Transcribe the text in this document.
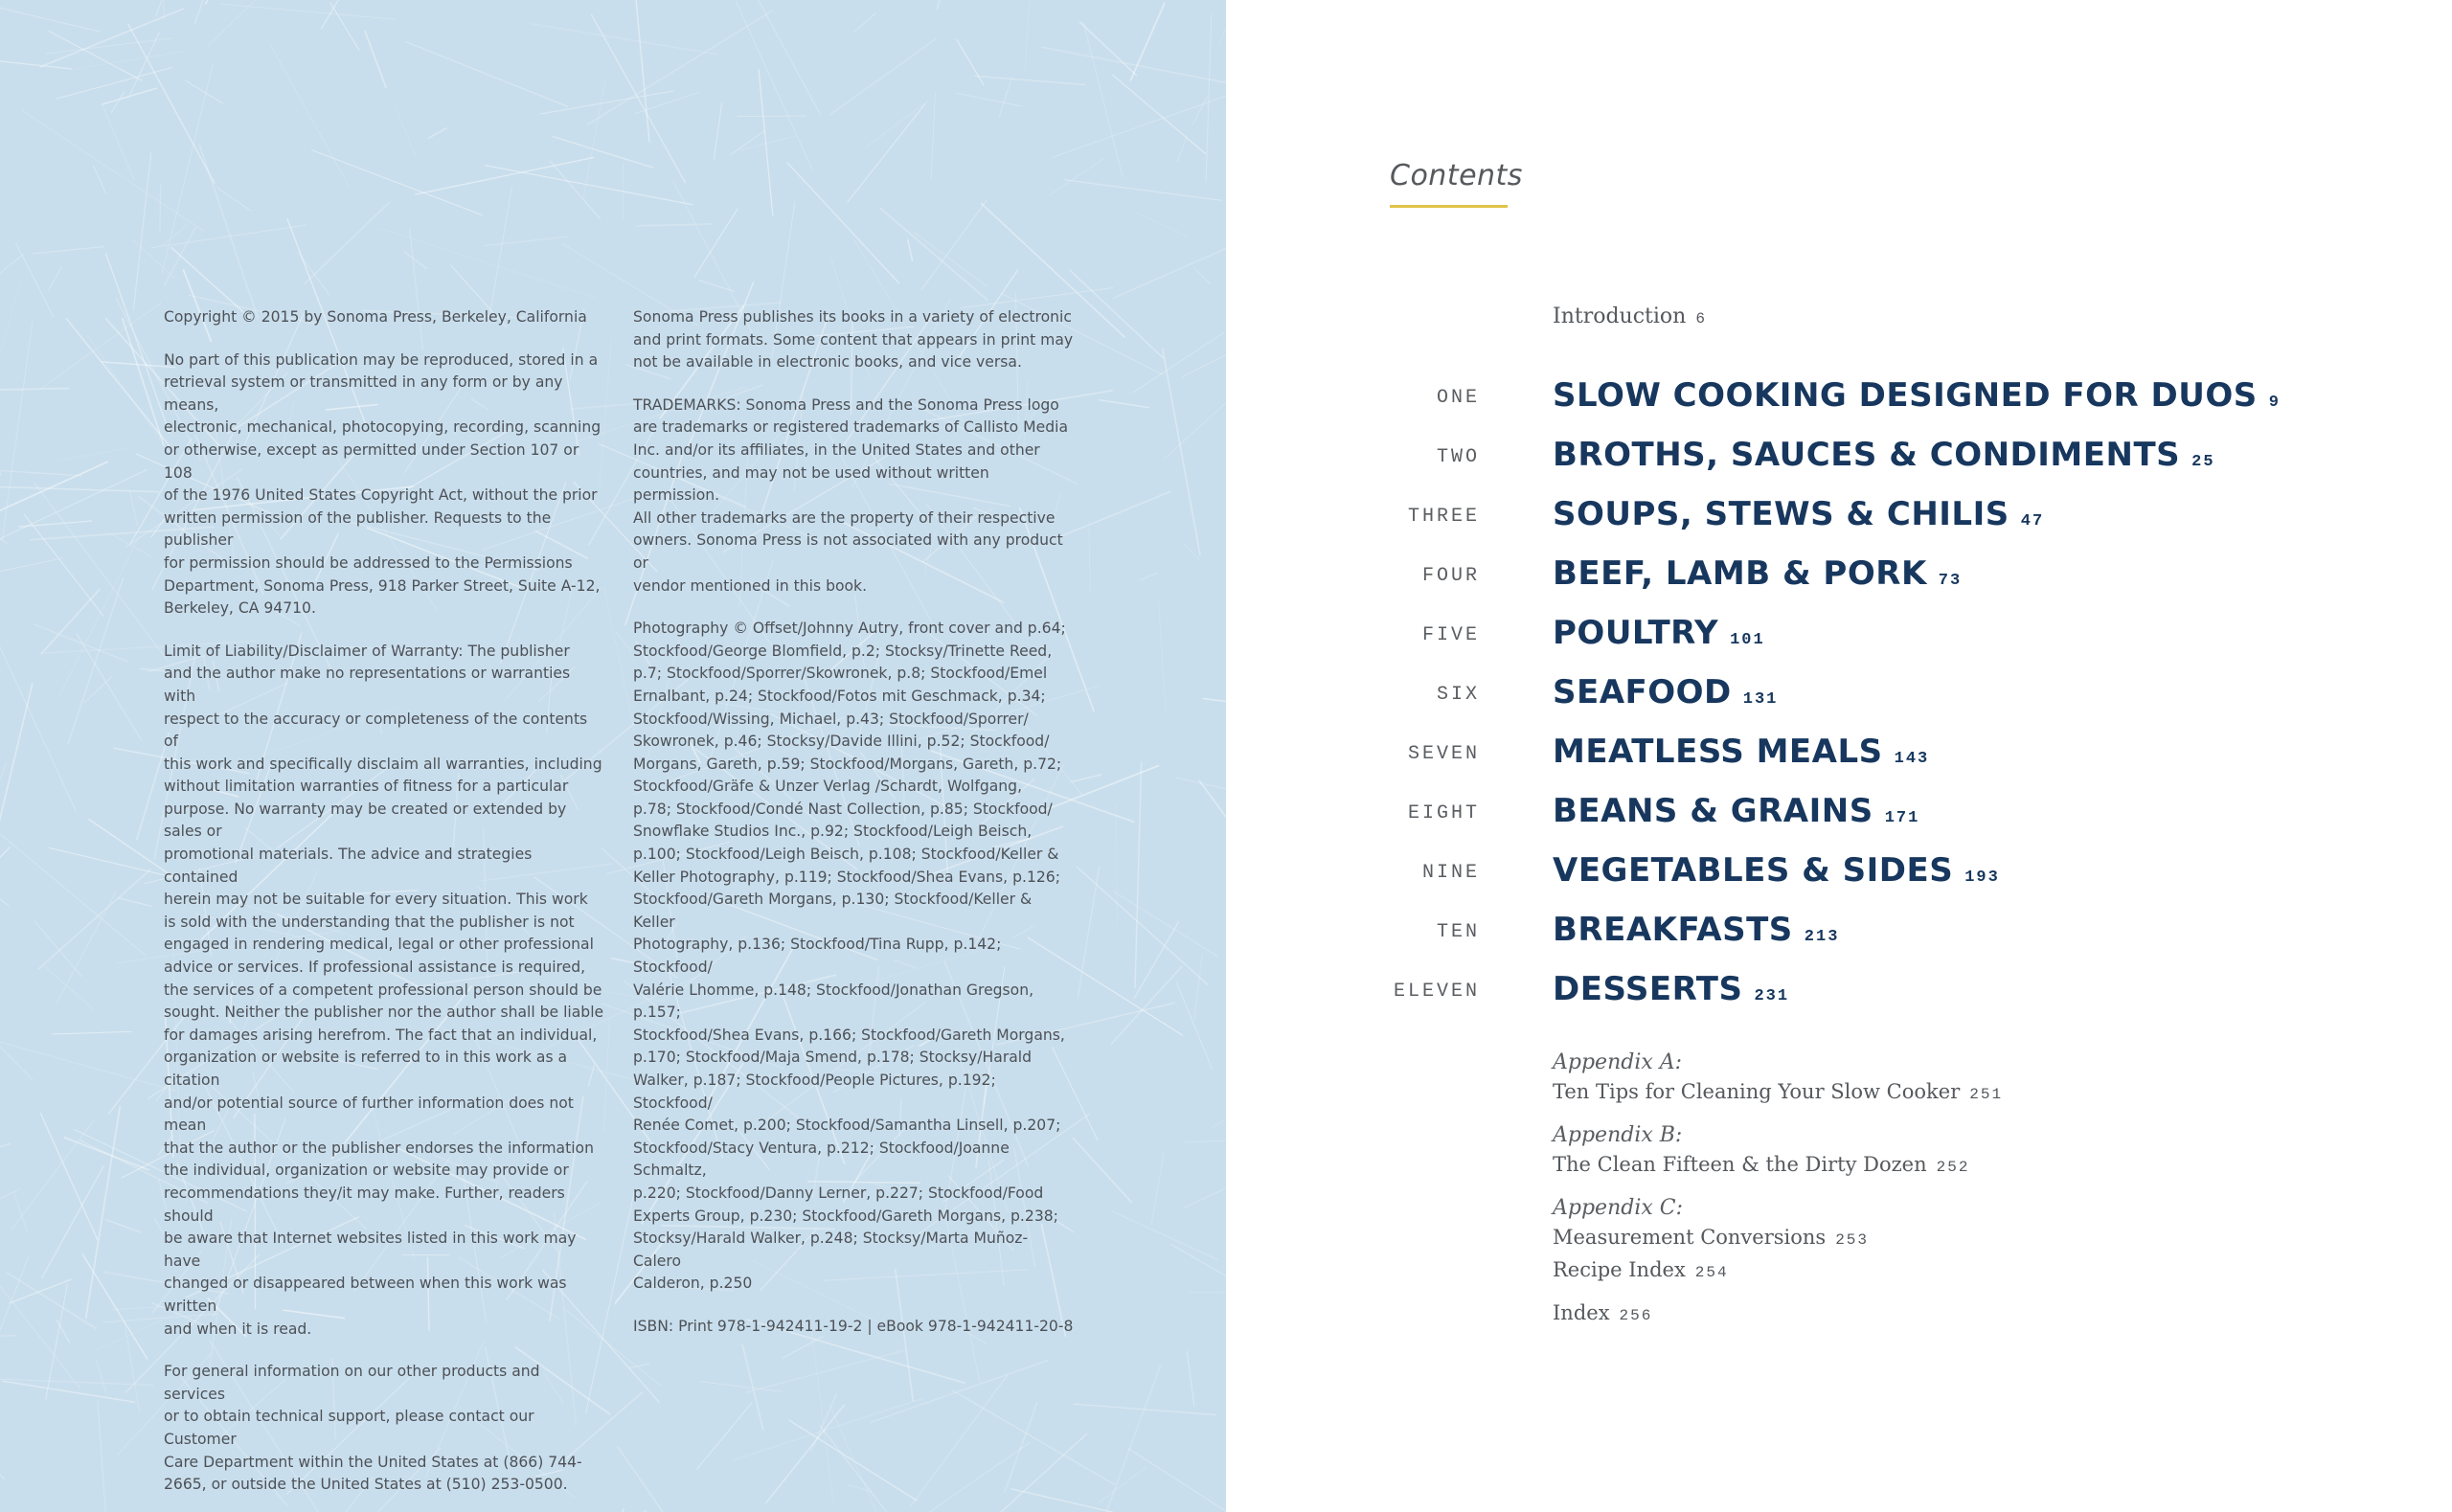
Copyright © 2015 by Sonoma Press, Berkeley, California

No part of this publication may be reproduced, stored in a
retrieval system or transmitted in any form or by any means,
electronic, mechanical, photocopying, recording, scanning
or otherwise, except as permitted under Section 107 or 108
of the 1976 United States Copyright Act, without the prior
written permission of the publisher. Requests to the publisher
for permission should be addressed to the Permissions
Department, Sonoma Press, 918 Parker Street, Suite A-12,
Berkeley, CA 94710.

Limit of Liability/Disclaimer of Warranty: The publisher
and the author make no representations or warranties with
respect to the accuracy or completeness of the contents of
this work and specifically disclaim all warranties, including
without limitation warranties of fitness for a particular
purpose. No warranty may be created or extended by sales or
promotional materials. The advice and strategies contained
herein may not be suitable for every situation. This work
is sold with the understanding that the publisher is not
engaged in rendering medical, legal or other professional
advice or services. If professional assistance is required,
the services of a competent professional person should be
sought. Neither the publisher nor the author shall be liable
for damages arising herefrom. The fact that an individual,
organization or website is referred to in this work as a citation
and/or potential source of further information does not mean
that the author or the publisher endorses the information
the individual, organization or website may provide or
recommendations they/it may make. Further, readers should
be aware that Internet websites listed in this work may have
changed or disappeared between when this work was written
and when it is read.

For general information on our other products and services
or to obtain technical support, please contact our Customer
Care Department within the United States at (866) 744-
2665, or outside the United States at (510) 253-0500.

Sonoma Press publishes its books in a variety of electronic
and print formats. Some content that appears in print may
not be available in electronic books, and vice versa.

TRADEMARKS: Sonoma Press and the Sonoma Press logo
are trademarks or registered trademarks of Callisto Media
Inc. and/or its affiliates, in the United States and other
countries, and may not be used without written permission.
All other trademarks are the property of their respective
owners. Sonoma Press is not associated with any product or
vendor mentioned in this book.

Photography © Offset/Johnny Autry, front cover and p.64;
Stockfood/George Blomfield, p.2; Stocksy/Trinette Reed,
p.7; Stockfood/Sporrer/Skowronek, p.8; Stockfood/Emel
Ernalbant, p.24; Stockfood/Fotos mit Geschmack, p.34;
Stockfood/Wissing, Michael, p.43; Stockfood/Sporrer/
Skowronek, p.46; Stocksy/Davide Illini, p.52; Stockfood/
Morgans, Gareth, p.59; Stockfood/Morgans, Gareth, p.72;
Stockfood/Gräfe & Unzer Verlag /Schardt, Wolfgang,
p.78; Stockfood/Condé Nast Collection, p.85; Stockfood/
Snowflake Studios Inc., p.92; Stockfood/Leigh Beisch,
p.100; Stockfood/Leigh Beisch, p.108; Stockfood/Keller &
Keller Photography, p.119; Stockfood/Shea Evans, p.126;
Stockfood/Gareth Morgans, p.130; Stockfood/Keller & Keller
Photography, p.136; Stockfood/Tina Rupp, p.142; Stockfood/
Valérie Lhomme, p.148; Stockfood/Jonathan Gregson, p.157;
Stockfood/Shea Evans, p.166; Stockfood/Gareth Morgans,
p.170; Stockfood/Maja Smend, p.178; Stocksy/Harald
Walker, p.187; Stockfood/People Pictures, p.192; Stockfood/
Renée Comet, p.200; Stockfood/Samantha Linsell, p.207;
Stockfood/Stacy Ventura, p.212; Stockfood/Joanne Schmaltz,
p.220; Stockfood/Danny Lerner, p.227; Stockfood/Food
Experts Group, p.230; Stockfood/Gareth Morgans, p.238;
Stocksy/Harald Walker, p.248; Stocksy/Marta Muñoz-Calero
Calderon, p.250

ISBN: Print 978-1-942411-19-2 | eBook 978-1-942411-20-8

Contents
Introduction 6
ONE SLOW COOKING DESIGNED FOR DUOS 9
TWO BROTHS, SAUCES & CONDIMENTS 25
THREE SOUPS, STEWS & CHILIS 47
FOUR BEEF, LAMB & PORK 73
FIVE POULTRY 101
SIX SEAFOOD 131
SEVEN MEATLESS MEALS 143
EIGHT BEANS & GRAINS 171
NINE VEGETABLES & SIDES 193
TEN BREAKFASTS 213
ELEVEN DESSERTS 231
Appendix A:
Ten Tips for Cleaning Your Slow Cooker 251
Appendix B:
The Clean Fifteen & the Dirty Dozen 252
Appendix C:
Measurement Conversions 253
Recipe Index 254
Index 256
